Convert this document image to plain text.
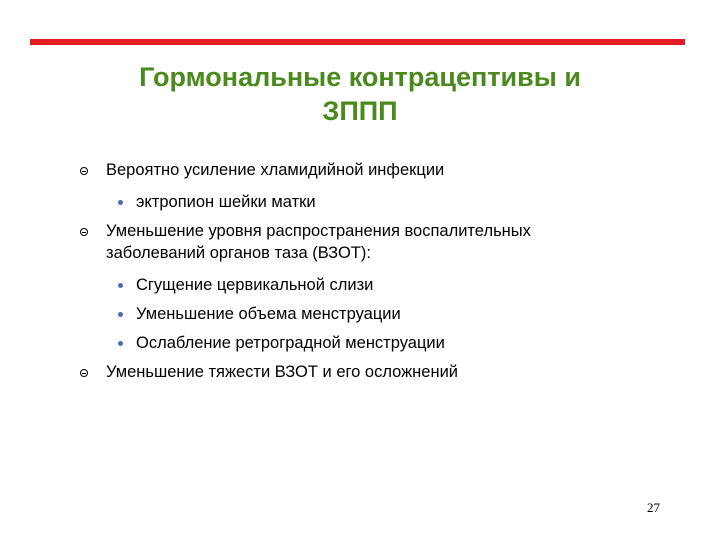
Гормональные контрацептивы и
ЗППП
Вероятно усиление хламидийной инфекции
эктропион шейки матки
Уменьшение уровня распространения воспалительных
заболеваний органов таза (ВЗОТ):
Сгущение цервикальной слизи
Уменьшение объема менструации
Ослабление ретроградной менструации
Уменьшение тяжести ВЗОТ и его осложнений
27
